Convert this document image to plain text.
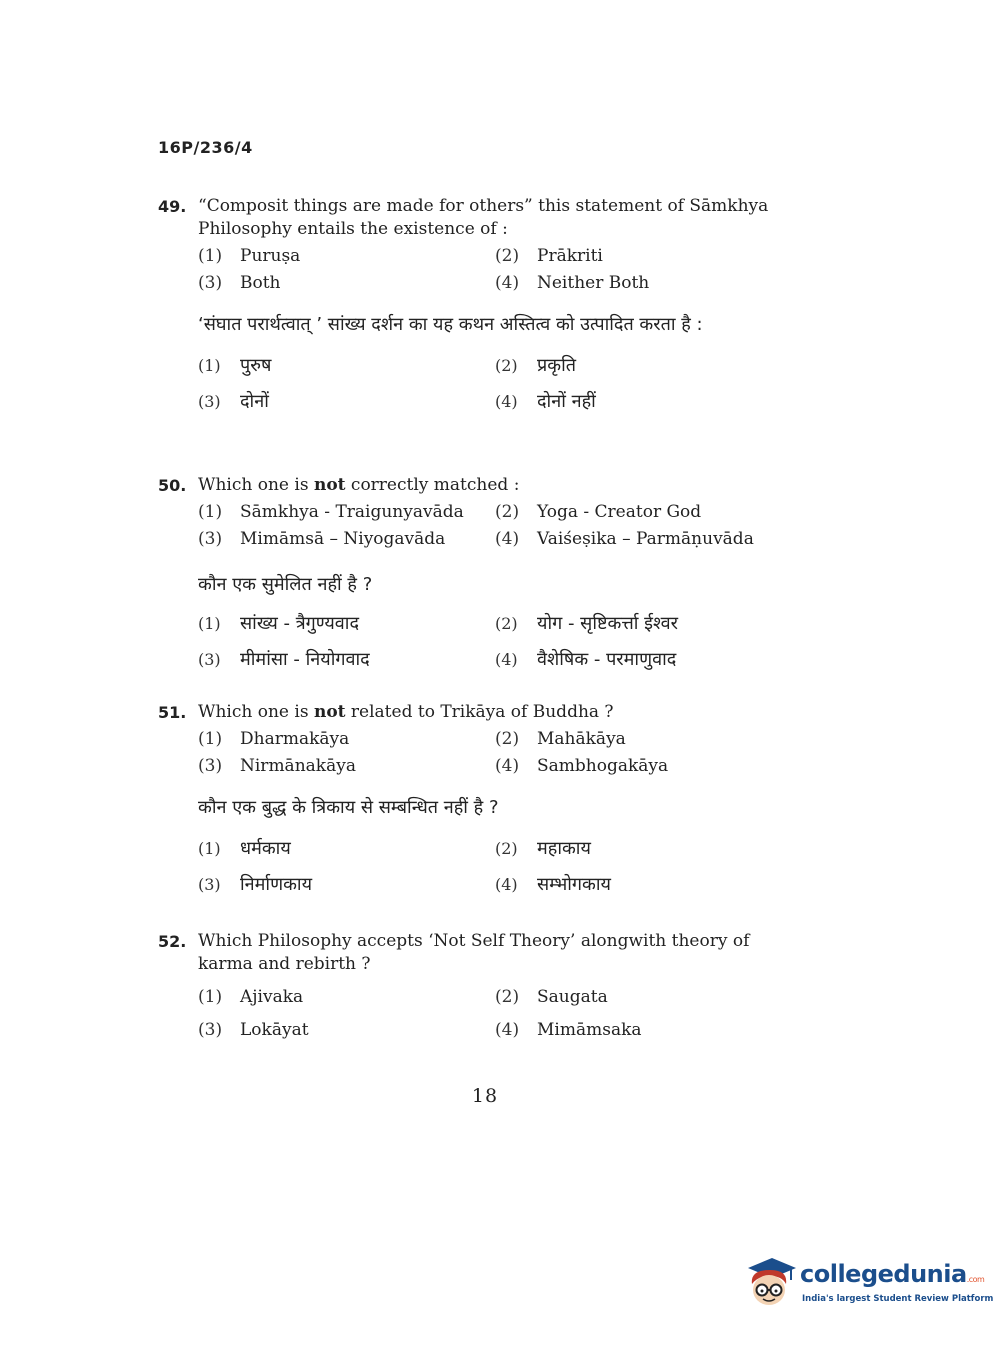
16P/236/4
49. “Composit things are made for others” this statement of Sāmkhya Philosophy entails the existence of :
(1)	Puruṣa	(2)	Prākriti
(3)	Both	(4)	Neither Both
‘संघात परार्थत्वात् ’ सांख्य दर्शन का यह कथन अस्तित्व को उत्पादित करता है :
(1)	पुरुष	(2)	प्रकृति
(3)	दोनों	(4)	दोनों नहीं
50. Which one is not correctly matched :
(1)	Sāmkhya - Traigunyavāda (2)	Yoga - Creator God
(3)	Mimāmsā – Niyogavāda	(4)	Vaiśeṣika – Parmāṇuvāda
कौन एक सुमेलित नहीं है ?
(1)	सांख्य - त्रैगुण्यवाद	(2)	योग - सृष्टिकर्त्ता ईश्वर
(3)	मीमांसा - नियोगवाद	(4)	वैशेषिक - परमाणुवाद
51. Which one is not related to Trikāya of Buddha ?
(1)	Dharmakāya	(2)	Mahākāya
(3)	Nirmānakāya	(4)	Sambhogakāya
कौन एक बुद्ध के त्रिकाय से सम्बन्धित नहीं है ?
(1)	धर्मकाय	(2)	महाकाय
(3)	निर्माणकाय	(4)	सम्भोगकाय
52. Which Philosophy accepts ‘Not Self Theory’ alongwith theory of karma and rebirth ?
(1)	Ajivaka	(2)	Saugata
(3)	Lokāyat	(4)	Mimāmsaka
18
collegedunia.com
India's largest Student Review Platform
